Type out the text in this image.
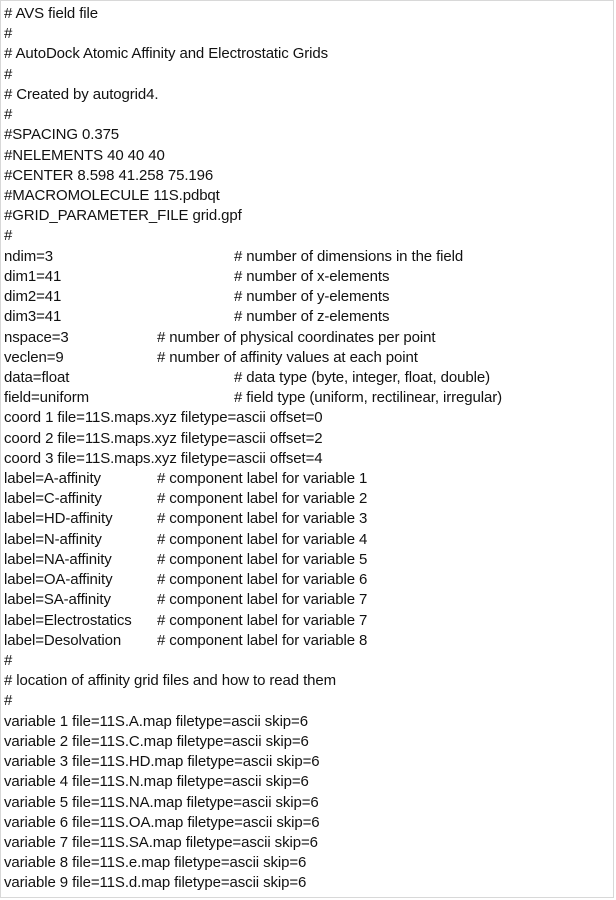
# AVS field file
#
# AutoDock Atomic Affinity and Electrostatic Grids
#
# Created by autogrid4.
#
#SPACING 0.375
#NELEMENTS 40 40 40
#CENTER 8.598 41.258 75.196
#MACROMOLECULE 11S.pdbqt
#GRID_PARAMETER_FILE grid.gpf
#
ndim=3	# number of dimensions in the field
dim1=41	# number of x-elements
dim2=41	# number of y-elements
dim3=41	# number of z-elements
nspace=3	# number of physical coordinates per point
veclen=9	# number of affinity values at each point
data=float	# data type (byte, integer, float, double)
field=uniform	# field type (uniform, rectilinear, irregular)
coord 1 file=11S.maps.xyz filetype=ascii offset=0
coord 2 file=11S.maps.xyz filetype=ascii offset=2
coord 3 file=11S.maps.xyz filetype=ascii offset=4
label=A-affinity	# component label for variable 1
label=C-affinity	# component label for variable 2
label=HD-affinity	# component label for variable 3
label=N-affinity	# component label for variable 4
label=NA-affinity	# component label for variable 5
label=OA-affinity	# component label for variable 6
label=SA-affinity	# component label for variable 7
label=Electrostatics # component label for variable 7
label=Desolvation # component label for variable 8
#
# location of affinity grid files and how to read them
#
variable 1 file=11S.A.map filetype=ascii skip=6
variable 2 file=11S.C.map filetype=ascii skip=6
variable 3 file=11S.HD.map filetype=ascii skip=6
variable 4 file=11S.N.map filetype=ascii skip=6
variable 5 file=11S.NA.map filetype=ascii skip=6
variable 6 file=11S.OA.map filetype=ascii skip=6
variable 7 file=11S.SA.map filetype=ascii skip=6
variable 8 file=11S.e.map filetype=ascii skip=6
variable 9 file=11S.d.map filetype=ascii skip=6
